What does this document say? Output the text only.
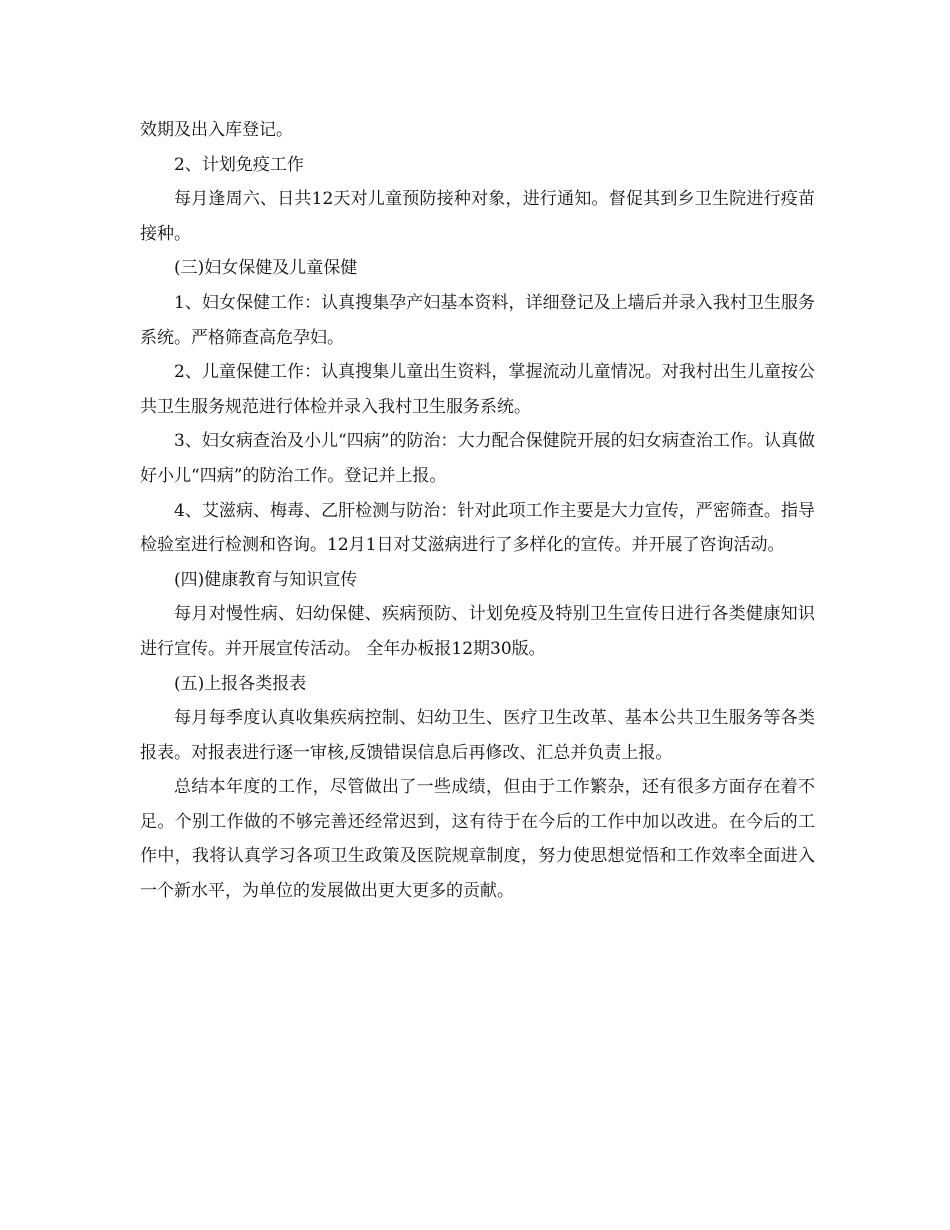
效期及出入库登记。

2、计划免疫工作

每月逢周六、日共12天对儿童预防接种对象，进行通知。督促其到乡卫生院进行疫苗接种。

(三)妇女保健及儿童保健

1、妇女保健工作：认真搜集孕产妇基本资料，详细登记及上墙后并录入我村卫生服务系统。严格筛查高危孕妇。

2、儿童保健工作：认真搜集儿童出生资料，掌握流动儿童情况。对我村出生儿童按公共卫生服务规范进行体检并录入我村卫生服务系统。

3、妇女病查治及小儿“四病”的防治：大力配合保健院开展的妇女病查治工作。认真做好小儿“四病”的防治工作。登记并上报。

4、艾滋病、梅毒、乙肝检测与防治：针对此项工作主要是大力宣传，严密筛查。指导检验室进行检测和咨询。12月1日对艾滋病进行了多样化的宣传。并开展了咨询活动。

(四)健康教育与知识宣传

每月对慢性病、妇幼保健、疾病预防、计划免疫及特别卫生宣传日进行各类健康知识进行宣传。并开展宣传活动。 全年办板报12期30版。

(五)上报各类报表

每月每季度认真收集疾病控制、妇幼卫生、医疗卫生改革、基本公共卫生服务等各类报表。对报表进行逐一审核,反馈错误信息后再修改、汇总并负责上报。

总结本年度的工作，尽管做出了一些成绩，但由于工作繁杂，还有很多方面存在着不足。个别工作做的不够完善还经常迟到，这有待于在今后的工作中加以改进。在今后的工作中，我将认真学习各项卫生政策及医院规章制度，努力使思想觉悟和工作效率全面进入一个新水平，为单位的发展做出更大更多的贡献。
